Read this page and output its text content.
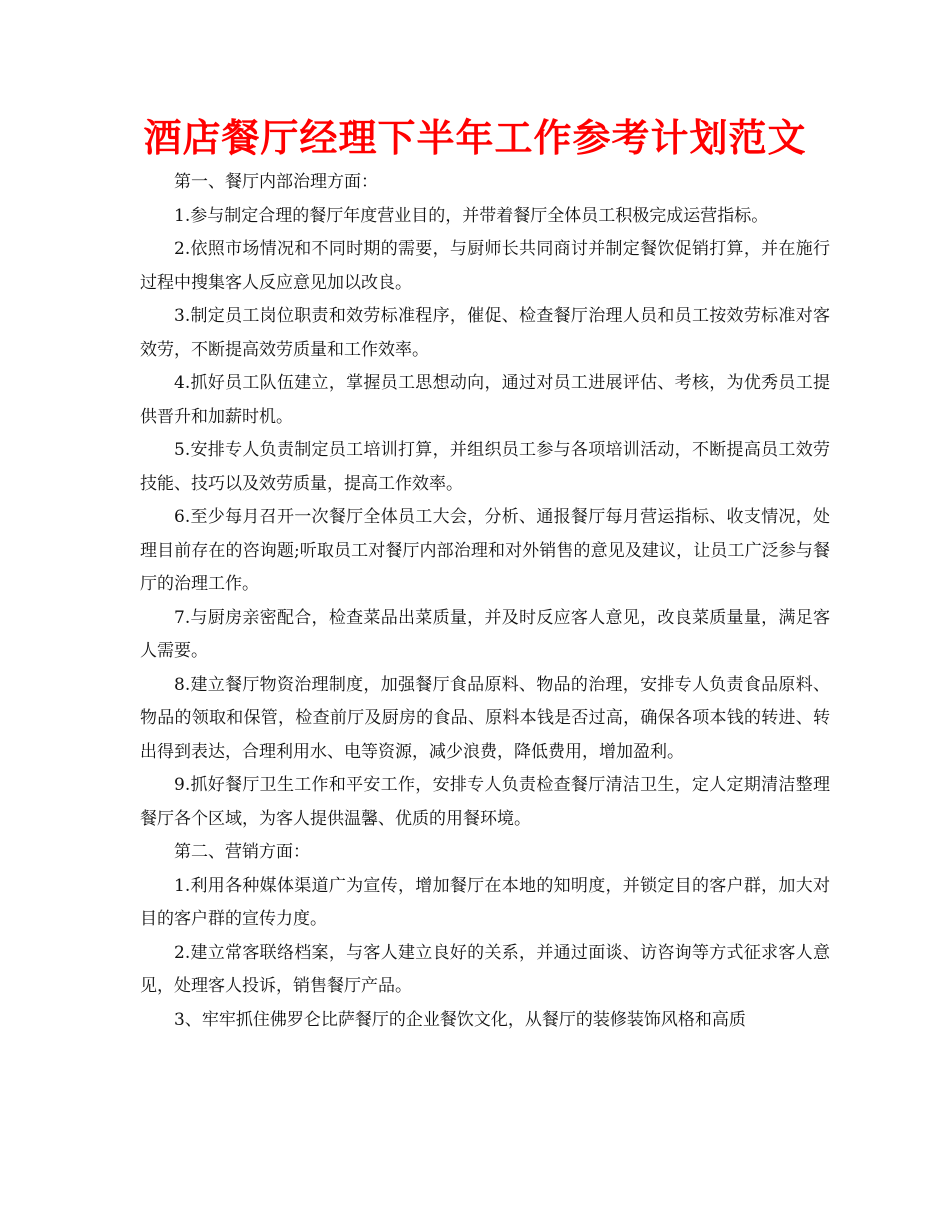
酒店餐厅经理下半年工作参考计划范文

第一、餐厅内部治理方面：

1.参与制定合理的餐厅年度营业目的，并带着餐厅全体员工积极完成运营指标。

2.依照市场情况和不同时期的需要，与厨师长共同商讨并制定餐饮促销打算，并在施行过程中搜集客人反应意见加以改良。

3.制定员工岗位职责和效劳标准程序，催促、检查餐厅治理人员和员工按效劳标准对客效劳，不断提高效劳质量和工作效率。

4.抓好员工队伍建立，掌握员工思想动向，通过对员工进展评估、考核，为优秀员工提供晋升和加薪时机。

5.安排专人负责制定员工培训打算，并组织员工参与各项培训活动，不断提高员工效劳技能、技巧以及效劳质量，提高工作效率。

6.至少每月召开一次餐厅全体员工大会，分析、通报餐厅每月营运指标、收支情况，处理目前存在的咨询题;听取员工对餐厅内部治理和对外销售的意见及建议，让员工广泛参与餐厅的治理工作。

7.与厨房亲密配合，检查菜品出菜质量，并及时反应客人意见，改良菜质量量，满足客人需要。

8.建立餐厅物资治理制度，加强餐厅食品原料、物品的治理，安排专人负责食品原料、物品的领取和保管，检查前厅及厨房的食品、原料本钱是否过高，确保各项本钱的转进、转出得到表达，合理利用水、电等资源，减少浪费，降低费用，增加盈利。

9.抓好餐厅卫生工作和平安工作，安排专人负责检查餐厅清洁卫生，定人定期清洁整理餐厅各个区域，为客人提供温馨、优质的用餐环境。

第二、营销方面：

1.利用各种媒体渠道广为宣传，增加餐厅在本地的知明度，并锁定目的客户群，加大对目的客户群的宣传力度。

2.建立常客联络档案，与客人建立良好的关系，并通过面谈、访咨询等方式征求客人意见，处理客人投诉，销售餐厅产品。

3、牢牢抓住佛罗仑比萨餐厅的企业餐饮文化，从餐厅的装修装饰风格和高质
